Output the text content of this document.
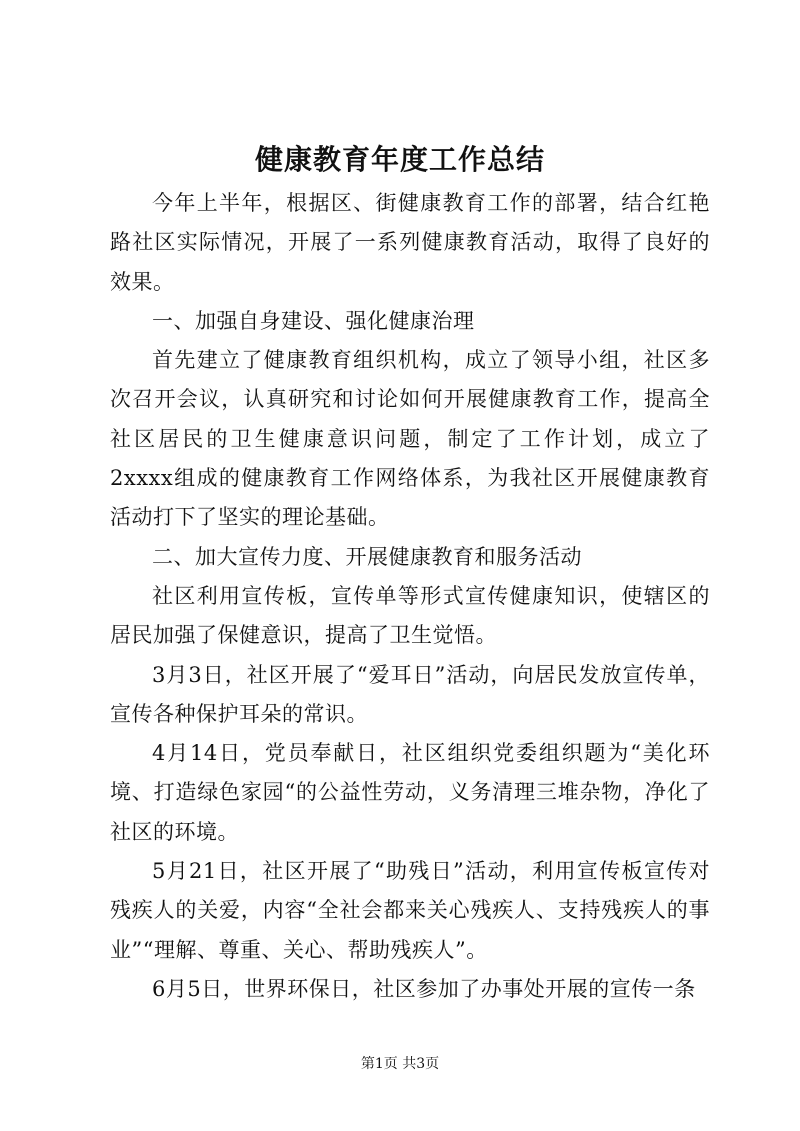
健康教育年度工作总结

今年上半年，根据区、街健康教育工作的部署，结合红艳路社区实际情况，开展了一系列健康教育活动，取得了良好的效果。

一、加强自身建设、强化健康治理

首先建立了健康教育组织机构，成立了领导小组，社区多次召开会议，认真研究和讨论如何开展健康教育工作，提高全社区居民的卫生健康意识问题，制定了工作计划，成立了2xxxx组成的健康教育工作网络体系，为我社区开展健康教育活动打下了坚实的理论基础。

二、加大宣传力度、开展健康教育和服务活动

社区利用宣传板，宣传单等形式宣传健康知识，使辖区的居民加强了保健意识，提高了卫生觉悟。

3月3日，社区开展了“爱耳日”活动，向居民发放宣传单，宣传各种保护耳朵的常识。

4月14日，党员奉献日，社区组织党委组织题为“美化环境、打造绿色家园“的公益性劳动，义务清理三堆杂物，净化了社区的环境。

5月21日，社区开展了“助残日”活动，利用宣传板宣传对残疾人的关爱，内容“全社会都来关心残疾人、支持残疾人的事业”“理解、尊重、关心、帮助残疾人”。

6月5日，世界环保日，社区参加了办事处开展的宣传一条

第1页 共3页
